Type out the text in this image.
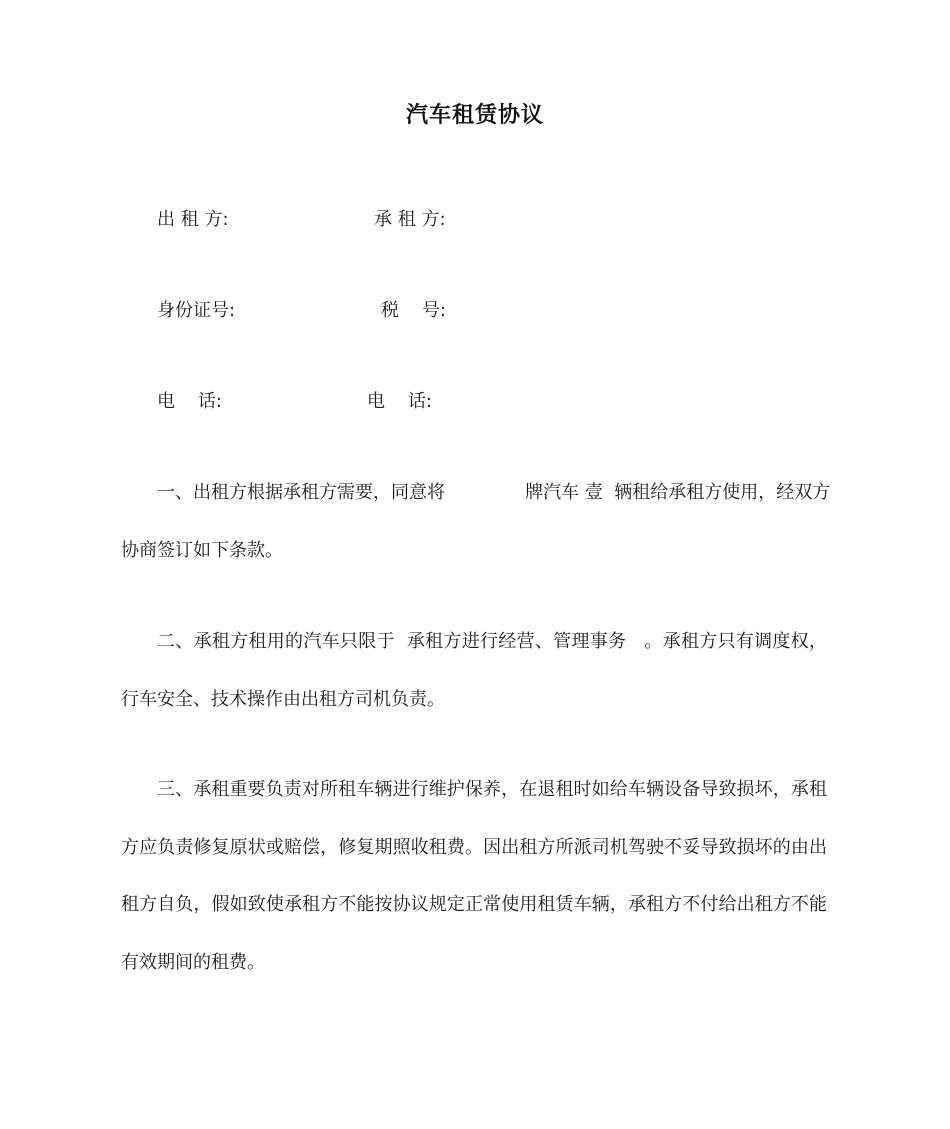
汽车租赁协议
出 租 方:	承 租 方:
身份证号:	税    号:
电    话:	电    话:
一、出租方根据承租方需要，同意将              牌汽车 壹  辆租给承租方使用，经双方
协商签订如下条款。
二、承租方租用的汽车只限于  承租方进行经营、管理事务   。承租方只有调度权，
行车安全、技术操作由出租方司机负责。
三、承租重要负责对所租车辆进行维护保养，在退租时如给车辆设备导致损坏，承租
方应负责修复原状或赔偿，修复期照收租费。因出租方所派司机驾驶不妥导致损坏的由出
租方自负，假如致使承租方不能按协议规定正常使用租赁车辆，承租方不付给出租方不能
有效期间的租费。
